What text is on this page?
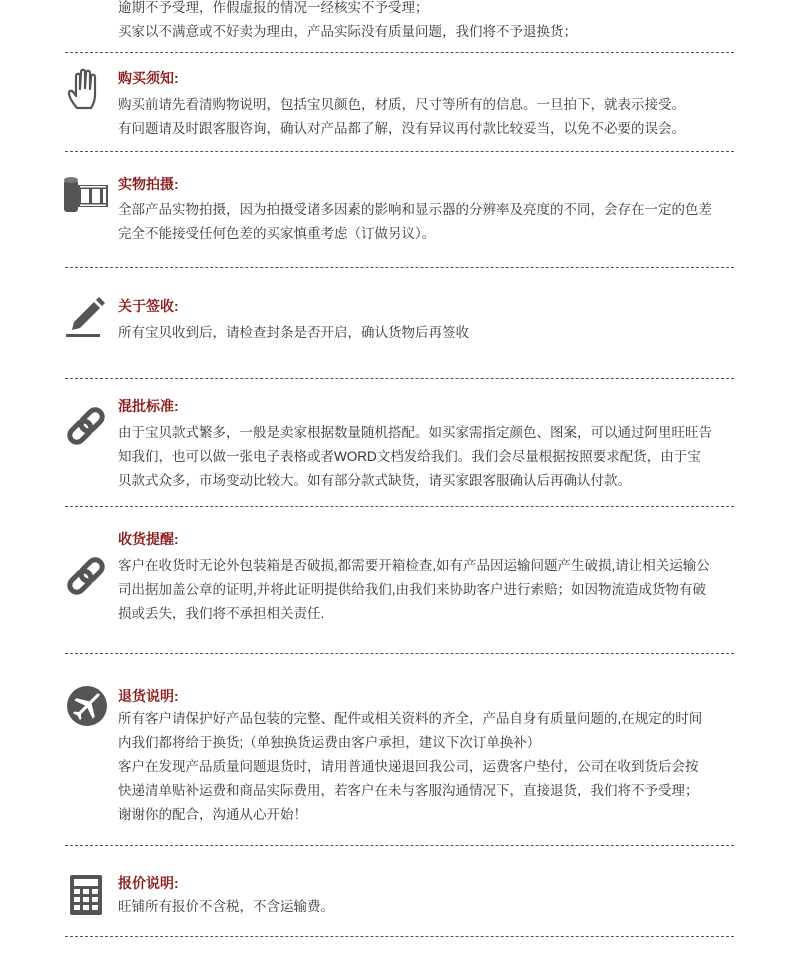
逾期不予受理，作假虚报的情况一经核实不予受理；
买家以不满意或不好卖为理由，产品实际没有质量问题，我们将不予退换货；
购买须知:
购买前请先看清购物说明，包括宝贝颜色，材质，尺寸等所有的信息。一旦拍下，就表示接受。
有问题请及时跟客服咨询，确认对产品都了解，没有异议再付款比较妥当，以免不必要的误会。
实物拍摄:
全部产品实物拍摄，因为拍摄受诸多因素的影响和显示器的分辨率及亮度的不同，会存在一定的色差
完全不能接受任何色差的买家慎重考虑（订做另议）。
关于签收:
所有宝贝收到后，请检查封条是否开启，确认货物后再签收
混批标准:
由于宝贝款式繁多，一般是卖家根据数量随机搭配。如买家需指定颜色、图案，可以通过阿里旺旺告
知我们，也可以做一张电子表格或者WORD文档发给我们。我们会尽量根据按照要求配货，由于宝
贝款式众多，市场变动比较大。如有部分款式缺货，请买家跟客服确认后再确认付款。
收货提醒:
客户在收货时无论外包装箱是否破损,都需要开箱检查,如有产品因运输问题产生破损,请让相关运输公
司出据加盖公章的证明,并将此证明提供给我们,由我们来协助客户进行索赔；如因物流造成货物有破
损或丢失，我们将不承担相关责任.
退货说明:
所有客户请保护好产品包装的完整、配件或相关资料的齐全，产品自身有质量问题的,在规定的时间
内我们都将给于换货;（单独换货运费由客户承担，建议下次订单换补）
客户在发现产品质量问题退货时，请用普通快递退回我公司，运费客户垫付，公司在收到货后会按
快递清单贴补运费和商品实际费用，若客户在未与客服沟通情况下，直接退货，我们将不予受理；
谢谢你的配合，沟通从心开始！
报价说明:
旺铺所有报价不含税，不含运输费。
